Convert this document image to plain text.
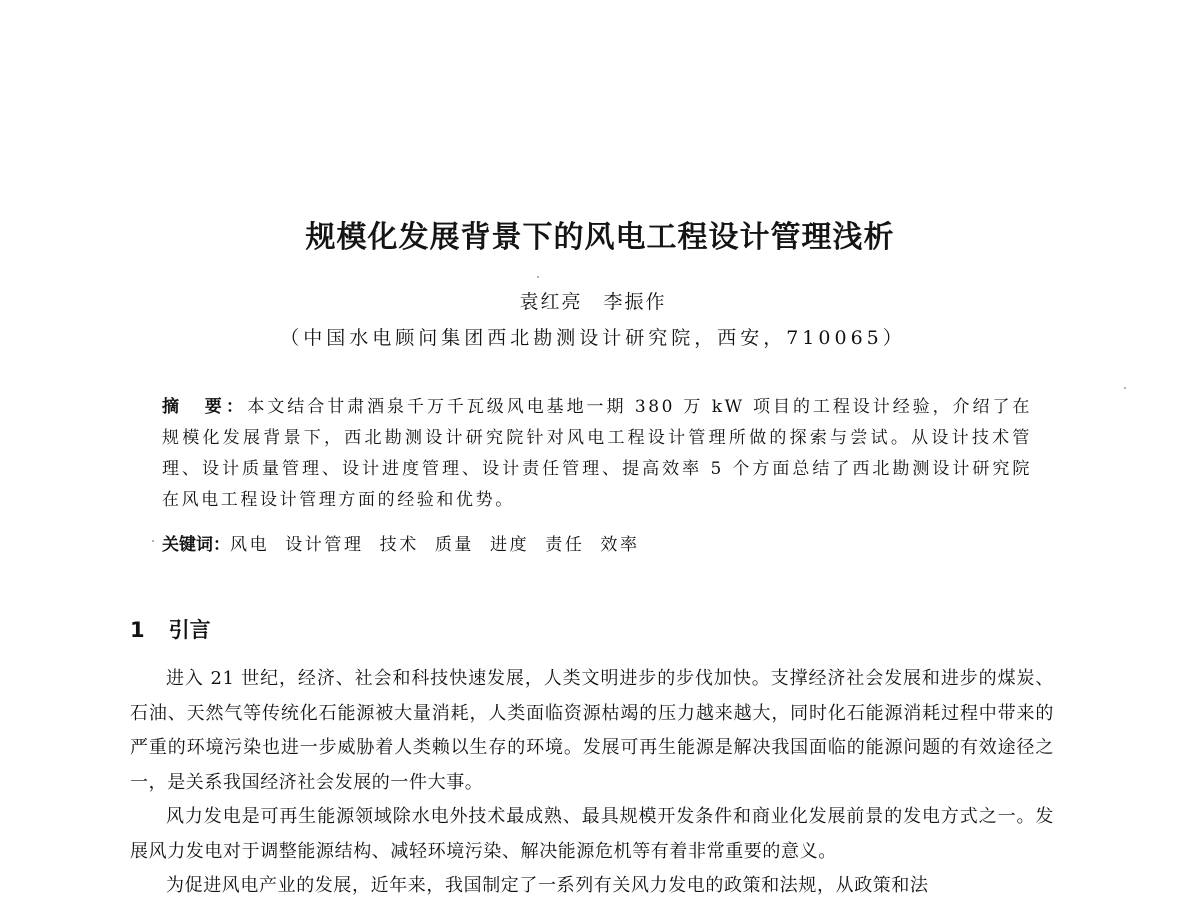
规模化发展背景下的风电工程设计管理浅析
袁红亮　李振作
（中国水电顾问集团西北勘测设计研究院，西安，710065）
摘　要：本文结合甘肃酒泉千万千瓦级风电基地一期 380 万 kW 项目的工程设计经验，介绍了在规模化发展背景下，西北勘测设计研究院针对风电工程设计管理所做的探索与尝试。从设计技术管理、设计质量管理、设计进度管理、设计责任管理、提高效率 5 个方面总结了西北勘测设计研究院在风电工程设计管理方面的经验和优势。
关键词：风电 设计管理 技术 质量 进度 责任 效率
1 引言

进入 21 世纪，经济、社会和科技快速发展，人类文明进步的步伐加快。支撑经济社会发展和进步的煤炭、石油、天然气等传统化石能源被大量消耗，人类面临资源枯竭的压力越来越大，同时化石能源消耗过程中带来的严重的环境污染也进一步威胁着人类赖以生存的环境。发展可再生能源是解决我国面临的能源问题的有效途径之一，是关系我国经济社会发展的一件大事。

风力发电是可再生能源领域除水电外技术最成熟、最具规模开发条件和商业化发展前景的发电方式之一。发展风力发电对于调整能源结构、减轻环境污染、解决能源危机等有着非常重要的意义。

为促进风电产业的发展，近年来，我国制定了一系列有关风力发电的政策和法规，从政策和法
